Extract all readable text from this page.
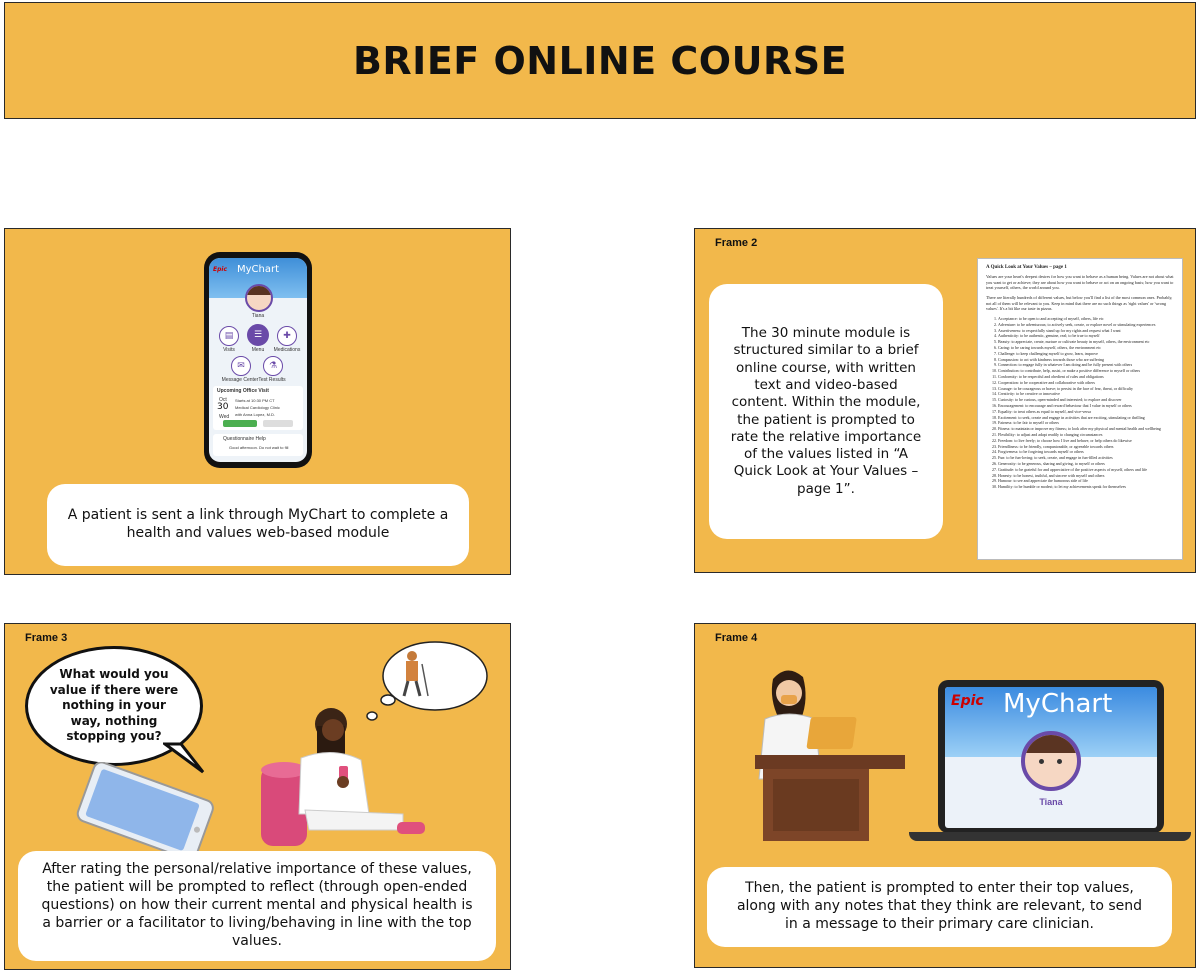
BRIEF ONLINE COURSE
Epic MyChart
Tiana
▤
Visits
☰
Menu
✚
Medications
✉
Message Center
⚗
Test Results
Upcoming Office Visit
Oct
30
Wed
Starts at 10:30 PM CT
Medical Cardiology Clinic
with Anna Lopez, M.D.
Questionnaire Help
Good afternoon. Do not wait to fill
A patient is sent a link through MyChart to complete a health and values web-based module
Frame 2
The 30 minute module is structured similar to a brief online course, with written text and video-based content. Within the module, the patient is prompted to rate the relative importance of the values listed in “A Quick Look at Your Values – page 1”.
A Quick Look at Your Values – page 1

Values are your heart's deepest desires for how you want to behave as a human being. Values are not about what you want to get or achieve; they are about how you want to behave or act on an ongoing basis; how you want to treat yourself, others, the world around you.

There are literally hundreds of different values, but below you'll find a list of the most common ones. Probably, not all of them will be relevant to you. Keep in mind that there are no such things as 'right values' or 'wrong values'. It's a bit like our taste in pizzas.

1. Acceptance: to be open to and accepting of myself, others, life etc
2. Adventure: to be adventurous; to actively seek, create, or explore novel or stimulating experiences
3. Assertiveness: to respectfully stand up for my rights and request what I want
4. Authenticity: to be authentic, genuine, real; to be true to myself
5. Beauty: to appreciate, create, nurture or cultivate beauty in myself, others, the environment etc
6. Caring: to be caring towards myself, others, the environment etc
7. Challenge: to keep challenging myself to grow, learn, improve
8. Compassion: to act with kindness towards those who are suffering
9. Connection: to engage fully in whatever I am doing and be fully present with others
10. Contribution: to contribute, help, assist, or make a positive difference to myself or others
11. Conformity: to be respectful and obedient of rules and obligations
12. Cooperation: to be cooperative and collaborative with others
13. Courage: to be courageous or brave; to persist in the face of fear, threat, or difficulty
14. Creativity: to be creative or innovative
15. Curiosity: to be curious, open-minded and interested; to explore and discover
16. Encouragement: to encourage and reward behaviour that I value in myself or others
17. Equality: to treat others as equal to myself, and vice-versa
18. Excitement: to seek, create and engage in activities that are exciting, stimulating or thrilling
19. Fairness: to be fair to myself or others
20. Fitness: to maintain or improve my fitness; to look after my physical and mental health and wellbeing
21. Flexibility: to adjust and adapt readily to changing circumstances
22. Freedom: to live freely; to choose how I live and behave, or help others do likewise
23. Friendliness: to be friendly, companionable, or agreeable towards others
24. Forgiveness: to be forgiving towards myself or others
25. Fun: to be fun-loving; to seek, create, and engage in fun-filled activities
26. Generosity: to be generous, sharing and giving, to myself or others
27. Gratitude: to be grateful for and appreciative of the positive aspects of myself, others and life
28. Honesty: to be honest, truthful, and sincere with myself and others
29. Humour: to see and appreciate the humorous side of life
30. Humility: to be humble or modest; to let my achievements speak for themselves
Frame 3
What would you value if there were nothing in your way, nothing stopping you?
After rating the personal/relative importance of these values, the patient will be prompted to reflect (through open-ended questions) on how their current mental and physical health is a barrier or a facilitator to living/behaving in line with the top values.
Frame 4
Epic MyChart
Tiana
Then, the patient is prompted to enter their top values, along with any notes that they think are relevant, to send in a message to their primary care clinician.
